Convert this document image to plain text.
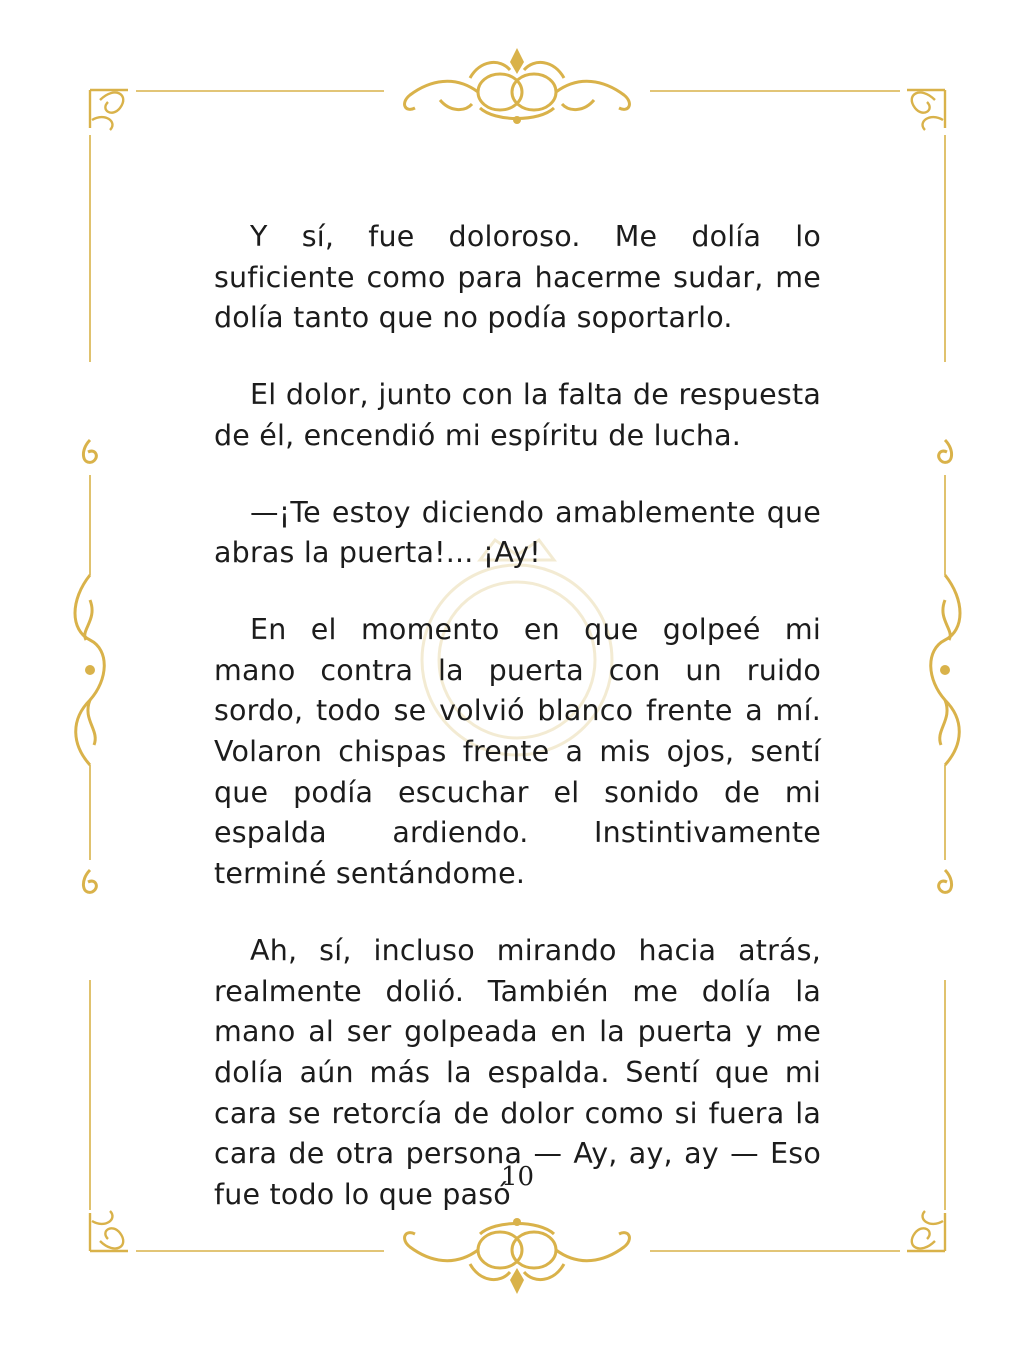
Y sí, fue doloroso. Me dolía lo suficiente como para hacerme sudar, me dolía tanto que no podía soportarlo.

El dolor, junto con la falta de respuesta de él, encendió mi espíritu de lucha.

—¡Te estoy diciendo amablemente que abras la puerta!... ¡Ay!

En el momento en que golpeé mi mano contra la puerta con un ruido sordo, todo se volvió blanco frente a mí. Volaron chispas frente a mis ojos, sentí que podía escuchar el sonido de mi espalda ardiendo. Instintivamente terminé sentándome.

Ah, sí, incluso mirando hacia atrás, realmente dolió. También me dolía la mano al ser golpeada en la puerta y me dolía aún más la espalda. Sentí que mi cara se retorcía de dolor como si fuera la cara de otra persona — Ay, ay, ay — Eso fue todo lo que pasó

10
